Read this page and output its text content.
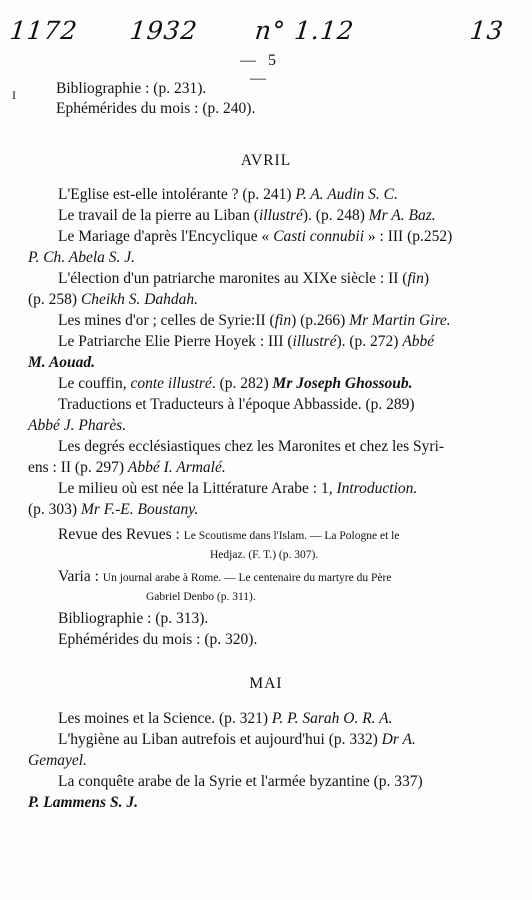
1172 1932 n° 1.12	13
— 5 —
I	Bibliographie : (p. 231).
Ephémérides du mois : (p. 240).
AVRIL
L'Eglise est-elle intolérante ? (p. 241) P. A. Audin S. C.
Le travail de la pierre au Liban (illustré). (p. 248) Mr A. Baz.
Le Mariage d'après l'Encyclique « Casti connubii » : III (p.252)
P. Ch. Abela S. J.
L'élection d'un patriarche maronites au XIXe siècle : II (fin)
(p. 258) Cheikh S. Dahdah.
Les mines d'or ; celles de Syrie:II (fin) (p.266) Mr Martin Gire.
Le Patriarche Elie Pierre Hoyek : III (illustré). (p. 272) Abbé
M. Aouad.
Le couffin, conte illustré. (p. 282) Mr Joseph Ghossoub.
Traductions et Traducteurs à l'époque Abbasside. (p. 289)
Abbé J. Pharès.
Les degrés ecclésiastiques chez les Maronites et chez les Syri-
ens : II (p. 297) Abbé I. Armalé.
Le milieu où est née la Littérature Arabe : 1, Introduction.
(p. 303) Mr F.-E. Boustany.
Revue des Revues : Le Scoutisme dans l'Islam. — La Pologne et le
Hedjaz. (F. T.) (p. 307).
Varia : Un journal arabe à Rome. — Le centenaire du martyre du Père
Gabriel Denbo (p. 311).
Bibliographie : (p. 313).
Ephémérides du mois : (p. 320).
MAI
Les moines et la Science. (p. 321) P. P. Sarah O. R. A.
L'hygiène au Liban autrefois et aujourd'hui (p. 332) Dr A.
Gemayel.
La conquête arabe de la Syrie et l'armée byzantine (p. 337)
P. Lammens S. J.
